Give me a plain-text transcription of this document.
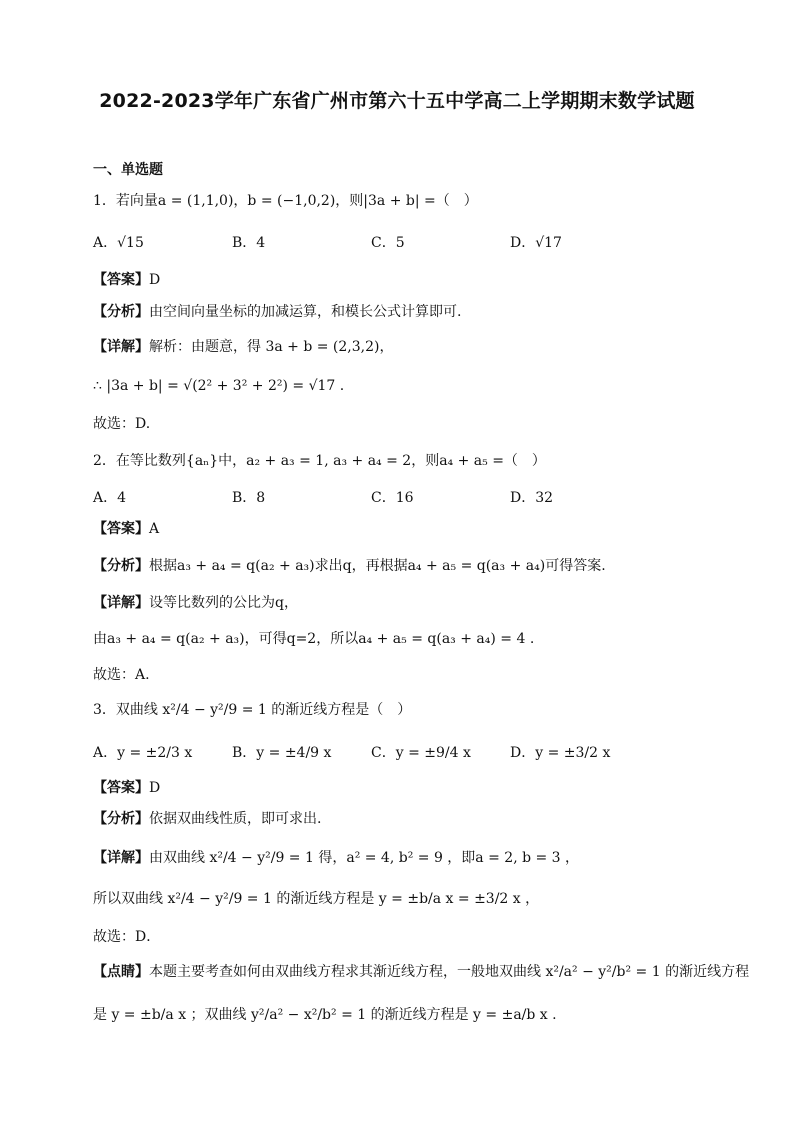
2022-2023学年广东省广州市第六十五中学高二上学期期末数学试题
一、单选题
1．若向量a = (1,1,0)，b = (−1,0,2)，则|3a + b| =（　）
A．√15	B．4	C．5	D．√17
【答案】D
【分析】由空间向量坐标的加减运算，和模长公式计算即可.
【详解】解析：由题意，得 3a + b = (2,3,2)，
∴ |3a + b| = √(2² + 3² + 2²) = √17 .
故选：D.
2．在等比数列{aₙ}中，a₂ + a₃ = 1, a₃ + a₄ = 2，则a₄ + a₅ =（　）
A．4	B．8	C．16	D．32
【答案】A
【分析】根据a₃ + a₄ = q(a₂ + a₃)求出q，再根据a₄ + a₅ = q(a₃ + a₄)可得答案.
【详解】设等比数列的公比为q，
由a₃ + a₄ = q(a₂ + a₃)，可得q=2，所以a₄ + a₅ = q(a₃ + a₄) = 4 .
故选：A.
3．双曲线 x²/4 − y²/9 = 1 的渐近线方程是（　）
A．y = ±2/3 x	B．y = ±4/9 x	C．y = ±9/4 x	D．y = ±3/2 x
【答案】D
【分析】依据双曲线性质，即可求出.
【详解】由双曲线 x²/4 − y²/9 = 1 得，a² = 4, b² = 9 ，即a = 2, b = 3 ，
所以双曲线 x²/4 − y²/9 = 1 的渐近线方程是 y = ±b/a x = ±3/2 x ，
故选：D．
【点睛】本题主要考查如何由双曲线方程求其渐近线方程，一般地双曲线 x²/a² − y²/b² = 1 的渐近线方程
是 y = ±b/a x ；双曲线 y²/a² − x²/b² = 1 的渐近线方程是 y = ±a/b x .
